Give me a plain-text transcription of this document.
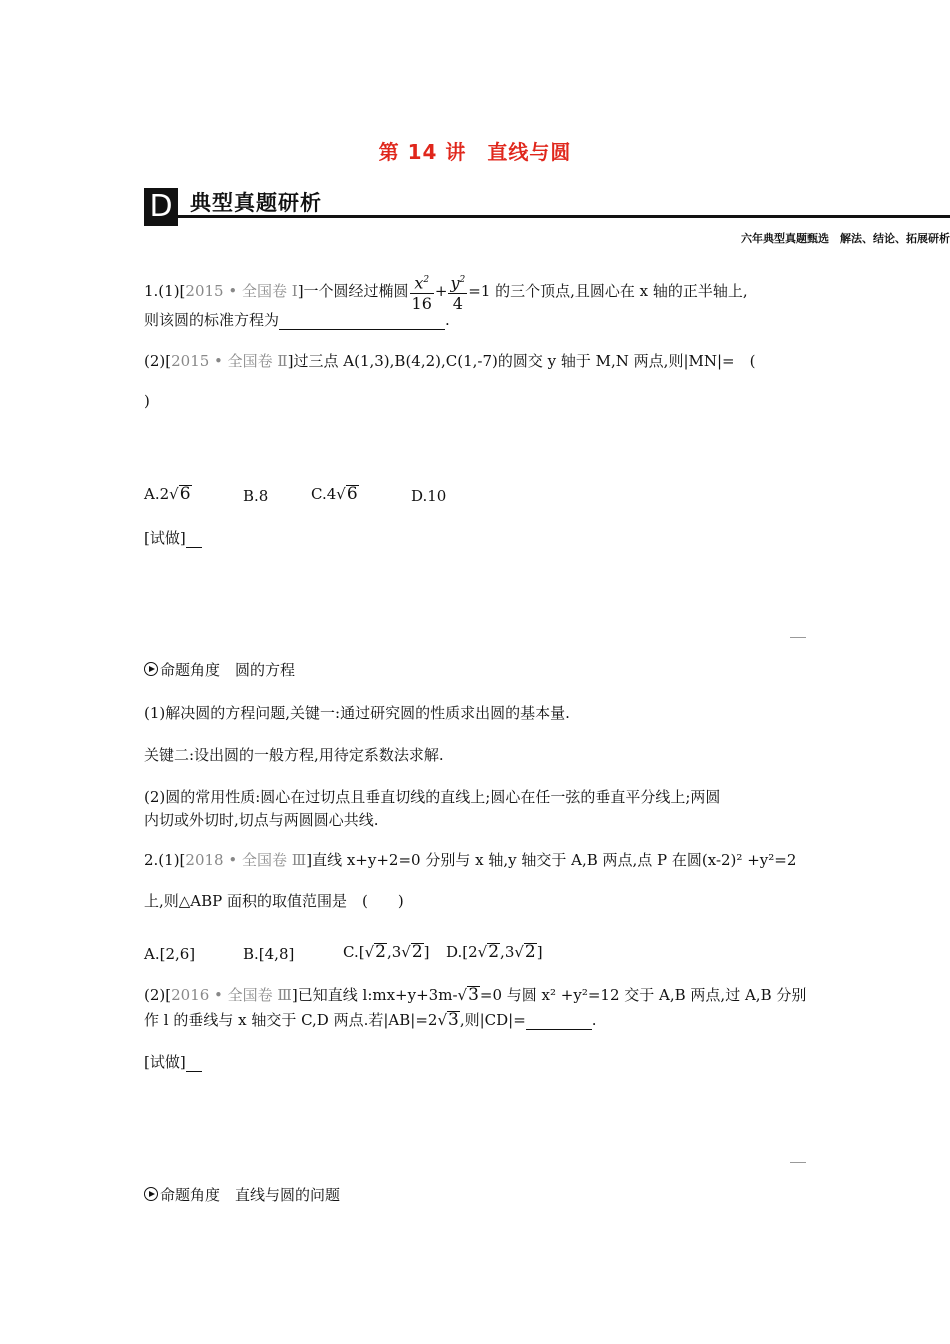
第 14 讲　直线与圆
D 典型真题研析
六年典型真题甄选　解法、结论、拓展研析
1.(1)[2015 • 全国卷 Ⅰ]一个圆经过椭圆 $\frac{x^2}{16} + \frac{y^2}{4} =1$ 的三个顶点,且圆心在 x 轴的正半轴上,
则该圆的标准方程为	.
(2)[2015 • 全国卷 Ⅱ]过三点 A(1,3),B(4,2),C(1,-7)的圆交 y 轴于 M,N 两点,则|MN|=　(
)
A.2√6	B.8	C.4√6	D.10
[试做]
命题角度　圆的方程
(1)解决圆的方程问题,关键一:通过研究圆的性质求出圆的基本量.
关键二:设出圆的一般方程,用待定系数法求解.
(2)圆的常用性质:圆心在过切点且垂直切线的直线上;圆心在任一弦的垂直平分线上;两圆
内切或外切时,切点与两圆圆心共线.
2.(1)[2018 • 全国卷 Ⅲ]直线 x+y+2=0 分别与 x 轴,y 轴交于 A,B 两点,点 P 在圆(x-2)² +y²=2
上,则△ABP 面积的取值范围是　(　　)
A.[2,6]	B.[4,8]	C.[√2,3√2] D.[2√2,3√2]
(2)[2016 • 全国卷 Ⅲ]已知直线 l:mx+y+3m-√3=0 与圆 x² +y²=12 交于 A,B 两点,过 A,B 分别
作 l 的垂线与 x 轴交于 C,D 两点.若|AB|=2√3,则|CD|=	.
[试做]
命题角度　直线与圆的问题
